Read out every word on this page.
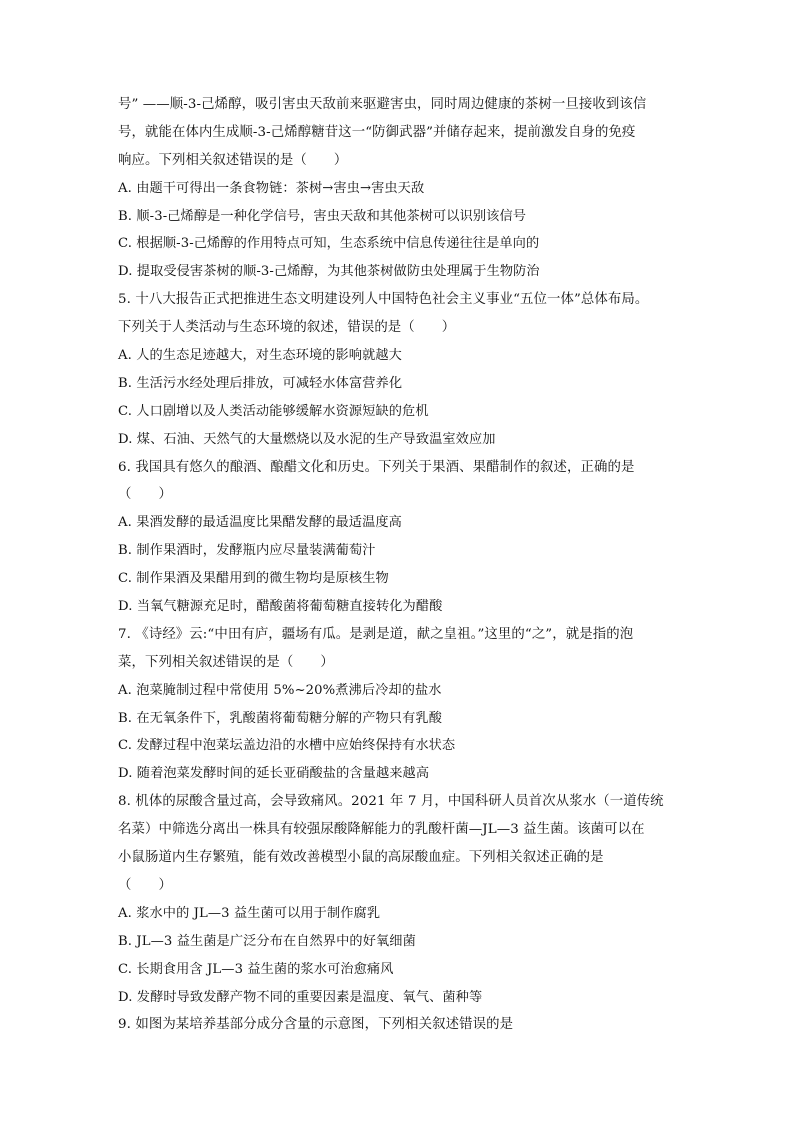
号” ——顺-3-己烯醇，吸引害虫天敌前来驱避害虫，同时周边健康的茶树一旦接收到该信
号，就能在体内生成顺-3-己烯醇糖苷这一“防御武器”并储存起来，提前激发自身的免疫
响应。下列相关叙述错误的是（　　）
A. 由题干可得出一条食物链：茶树→害虫→害虫天敌
B. 顺-3-己烯醇是一种化学信号，害虫天敌和其他茶树可以识别该信号
C. 根据顺-3-己烯醇的作用特点可知，生态系统中信息传递往往是单向的
D. 提取受侵害茶树的顺-3-己烯醇，为其他茶树做防虫处理属于生物防治
5. 十八大报告正式把推进生态文明建设列人中国特色社会主义事业“五位一体”总体布局。
下列关于人类活动与生态环境的叙述，错误的是（　　）
A. 人的生态足迹越大，对生态环境的影响就越大
B. 生活污水经处理后排放，可减轻水体富营养化
C. 人口剧增以及人类活动能够缓解水资源短缺的危机
D. 煤、石油、天然气的大量燃烧以及水泥的生产导致温室效应加
6. 我国具有悠久的酿酒、酿醋文化和历史。下列关于果酒、果醋制作的叙述，正确的是
（　　）
A. 果酒发酵的最适温度比果醋发酵的最适温度高
B. 制作果酒时，发酵瓶内应尽量装满葡萄汁
C. 制作果酒及果醋用到的微生物均是原核生物
D. 当氧气糖源充足时，醋酸菌将葡萄糖直接转化为醋酸
7. 《诗经》云:“中田有庐，疆场有瓜。是剥是道，献之皇祖。”这里的“之”，就是指的泡
菜，下列相关叙述错误的是（　　）
A. 泡菜腌制过程中常使用 5%~20%煮沸后冷却的盐水
B. 在无氧条件下，乳酸菌将葡萄糖分解的产物只有乳酸
C. 发酵过程中泡菜坛盖边沿的水槽中应始终保持有水状态
D. 随着泡菜发酵时间的延长亚硝酸盐的含量越来越高
8. 机体的尿酸含量过高，会导致痛风。2021 年 7 月，中国科研人员首次从浆水（一道传统
名菜）中筛选分离出一株具有较强尿酸降解能力的乳酸杆菌—JL—3 益生菌。该菌可以在
小鼠肠道内生存繁殖，能有效改善模型小鼠的高尿酸血症。下列相关叙述正确的是
（　　）
A. 浆水中的 JL—3 益生菌可以用于制作腐乳
B. JL—3 益生菌是广泛分布在自然界中的好氧细菌
C. 长期食用含 JL—3 益生菌的浆水可治愈痛风
D. 发酵时导致发酵产物不同的重要因素是温度、氧气、菌种等
9. 如图为某培养基部分成分含量的示意图，下列相关叙述错误的是
